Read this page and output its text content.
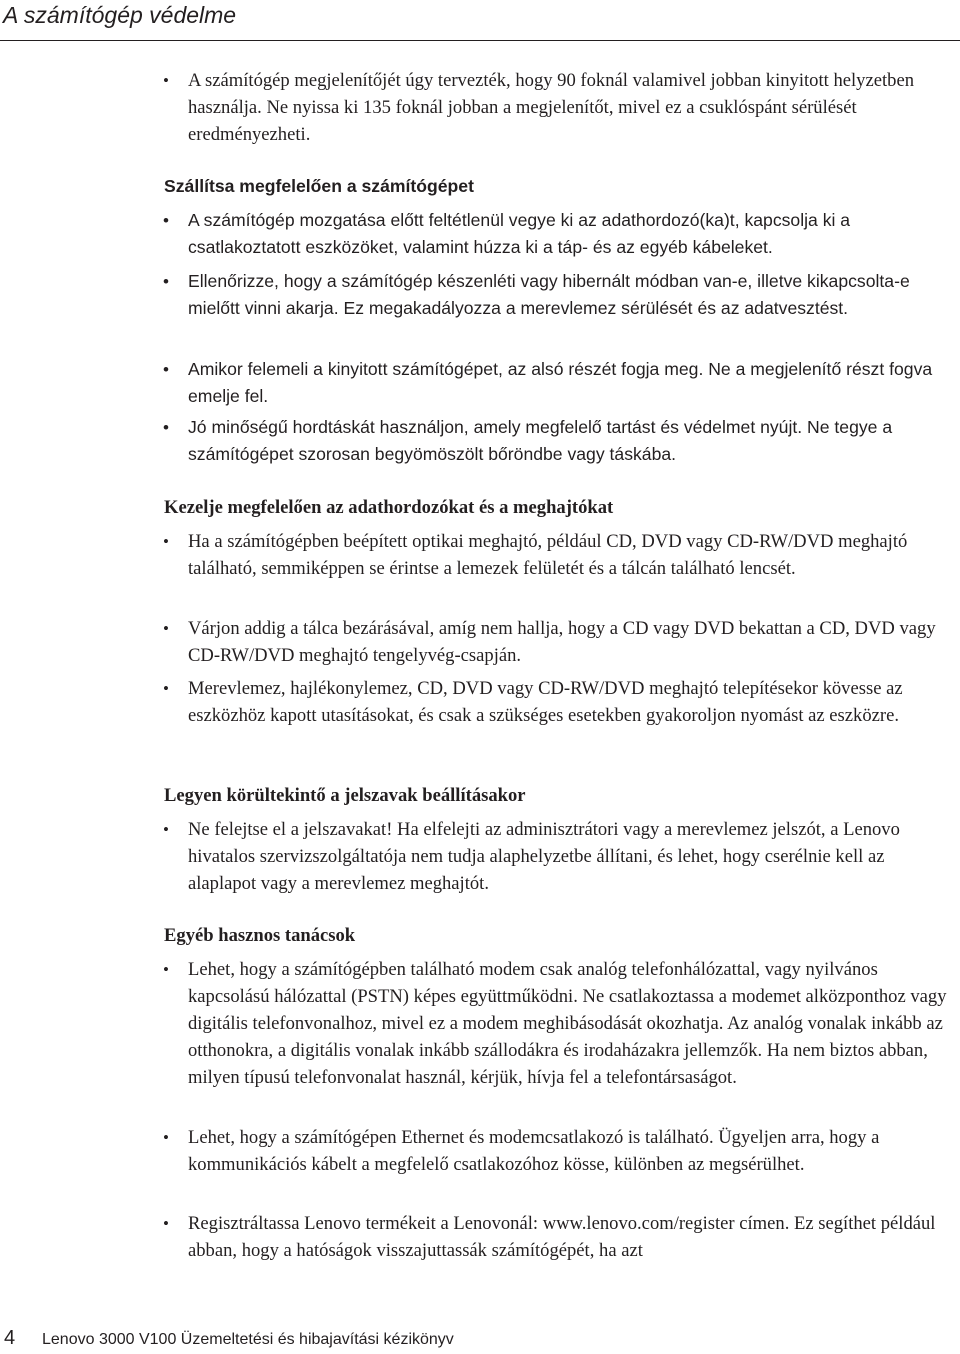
A számítógép védelme
• A számítógép megjelenítőjét úgy tervezték, hogy 90 foknál valamivel jobban kinyitott helyzetben használja. Ne nyissa ki 135 foknál jobban a megjelenítőt, mivel ez a csuklóspánt sérülését eredményezheti.
Szállítsa megfelelően a számítógépet
• A számítógép mozgatása előtt feltétlenül vegye ki az adathordozó(ka)t, kapcsolja ki a csatlakoztatott eszközöket, valamint húzza ki a táp- és az egyéb kábeleket.
• Ellenőrizze, hogy a számítógép készenléti vagy hibernált módban van-e, illetve kikapcsolta-e mielőtt vinni akarja. Ez megakadályozza a merevlemez sérülését és az adatvesztést.
• Amikor felemeli a kinyitott számítógépet, az alsó részét fogja meg. Ne a megjelenítő részt fogva emelje fel.
• Jó minőségű hordtáskát használjon, amely megfelelő tartást és védelmet nyújt. Ne tegye a számítógépet szorosan begyömöszölt bőröndbe vagy táskába.
Kezelje megfelelően az adathordozókat és a meghajtókat
• Ha a számítógépben beépített optikai meghajtó, például CD, DVD vagy CD-RW/DVD meghajtó található, semmiképpen se érintse a lemezek felületét és a tálcán található lencsét.
• Várjon addig a tálca bezárásával, amíg nem hallja, hogy a CD vagy DVD bekattan a CD, DVD vagy CD-RW/DVD meghajtó tengelyvég-csapján.
• Merevlemez, hajlékonylemez, CD, DVD vagy CD-RW/DVD meghajtó telepítésekor kövesse az eszközhöz kapott utasításokat, és csak a szükséges esetekben gyakoroljon nyomást az eszközre.
Legyen körültekintő a jelszavak beállításakor
• Ne felejtse el a jelszavakat! Ha elfelejti az adminisztrátori vagy a merevlemez jelszót, a Lenovo hivatalos szervizszolgáltatója nem tudja alaphelyzetbe állítani, és lehet, hogy cserélnie kell az alaplapot vagy a merevlemez meghajtót.
Egyéb hasznos tanácsok
• Lehet, hogy a számítógépben található modem csak analóg telefonhálózattal, vagy nyilvános kapcsolású hálózattal (PSTN) képes együttműködni. Ne csatlakoztassa a modemet alközponthoz vagy digitális telefonvonalhoz, mivel ez a modem meghibásodását okozhatja. Az analóg vonalak inkább az otthonokra, a digitális vonalak inkább szállodákra és irodaházakra jellemzők. Ha nem biztos abban, milyen típusú telefonvonalat használ, kérjük, hívja fel a telefontársaságot.
• Lehet, hogy a számítógépen Ethernet és modemcsatlakozó is található. Ügyeljen arra, hogy a kommunikációs kábelt a megfelelő csatlakozóhoz kösse, különben az megsérülhet.
• Regisztráltassa Lenovo termékeit a Lenovonál: www.lenovo.com/register címen. Ez segíthet például abban, hogy a hatóságok visszajuttassák számítógépét, ha azt
4 Lenovo 3000 V100 Üzemeltetési és hibajavítási kézikönyv
